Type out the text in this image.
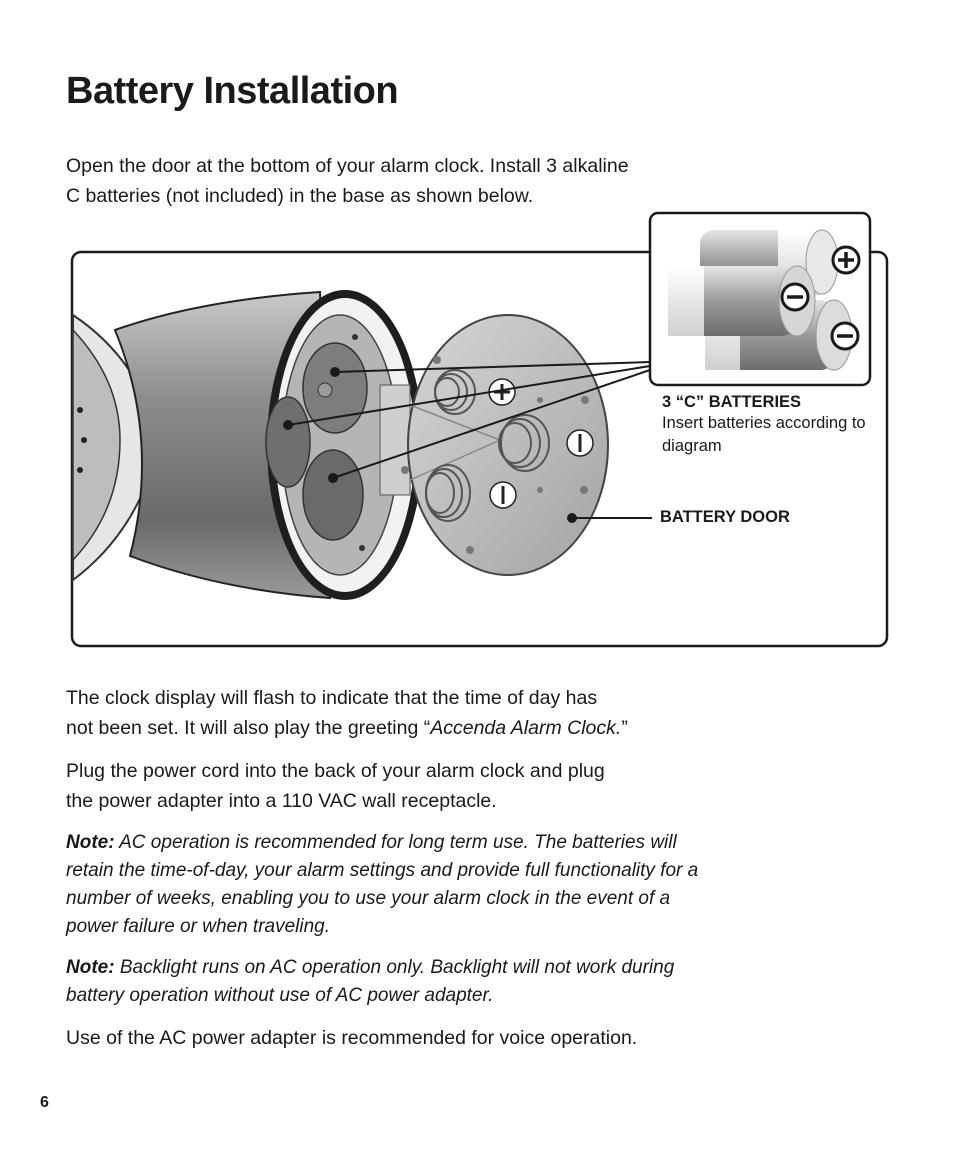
Battery Installation

Open the door at the bottom of your alarm clock. Install 3 alkaline
C batteries (not included) in the base as shown below.

3 “C” BATTERIES
Insert batteries according to diagram
BATTERY DOOR

The clock display will flash to indicate that the time of day has
not been set. It will also play the greeting “Accenda Alarm Clock.”

Plug the power cord into the back of your alarm clock and plug
the power adapter into a 110 VAC wall receptacle.

Note: AC operation is recommended for long term use. The batteries will retain the time-of-day, your alarm settings and provide full functionality for a number of weeks, enabling you to use your alarm clock in the event of a power failure or when traveling.

Note: Backlight runs on AC operation only. Backlight will not work during battery operation without use of AC power adapter.

Use of the AC power adapter is recommended for voice operation.

6
